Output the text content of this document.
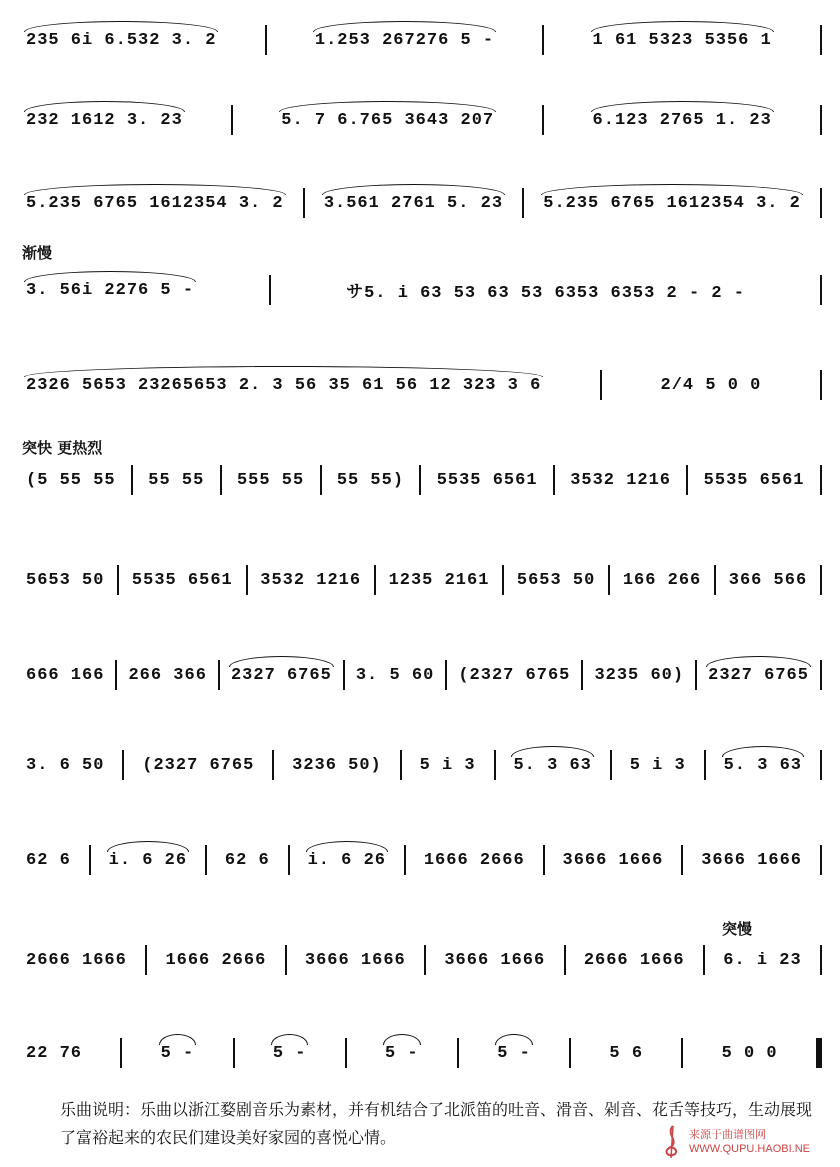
235 6i 6.532 3. 2	1.253 267276 5 -	1 61 5323 5356 1
232 1612 3. 23	5. 7 6.765 3643 207	6.123 2765 1. 23
5.235 6765 1612354 3. 2 3.561 2761 5. 23 5.235 6765 1612354 3. 2
3. 56i 2276 5 -	サ5. i 63 53 63 53 6353 6353 2 - 2 -
2326 5653 23265653 2. 3 56 35 61 56 12 323 3 6	2/4 5 0 0
(5 55 55 55 55 555 55 55 55) 5535 6561 3532 1216 5535 6561
5653 50 5535 6561 3532 1216 1235 2161 5653 50 166 266 366 566
666 166 266 366 2327 6765 3. 5 60 (2327 6765 3235 60) 2327 6765
3. 6 50 (2327 6765 3236 50) 5 i 3 5. 3 63 5 i 3 5. 3 63
62 6 i. 6 26 62 6 i. 6 26 1666 2666 3666 1666 3666 1666
2666 1666 1666 2666 3666 1666 3666 1666 2666 1666 6. i 23
22 76	5 -	5 -	5 -	5 -	5 6	5 0 0
渐慢
突快 更热烈
突慢
乐曲说明：乐曲以浙江婺剧音乐为素材，并有机结合了北派笛的吐音、滑音、剁音、花舌等技巧，生动展现了富裕起来的农民们建设美好家园的喜悦心情。	来源于曲谱图网
WWW.QUPU.HAOBI.NE
